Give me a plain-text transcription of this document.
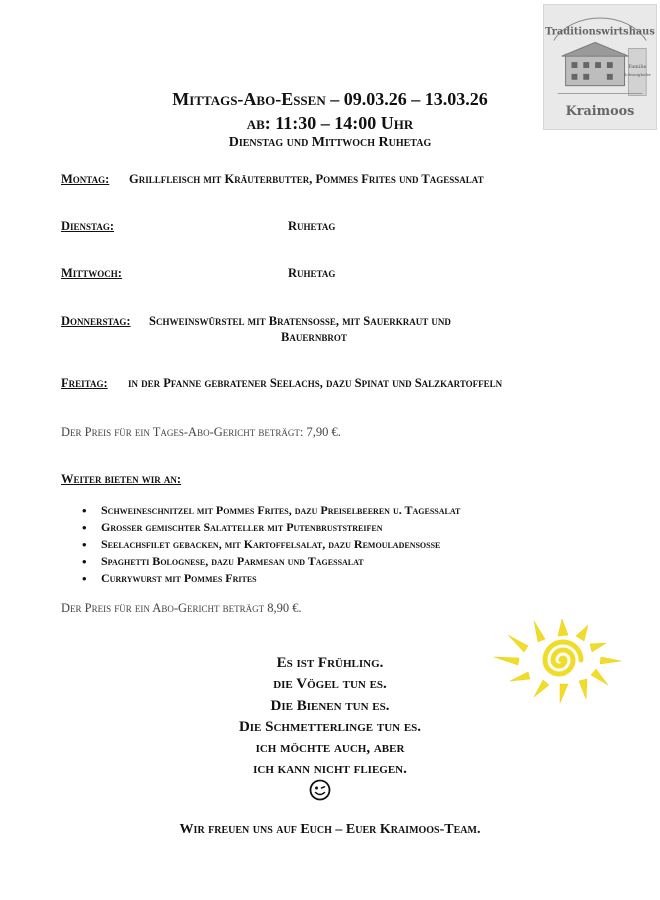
Traditionswirtshaus
Familie
Schweighofer
Kraimoos
Mittags-Abo-Essen – 09.03.26 – 13.03.26
ab: 11:30 – 14:00 Uhr
Dienstag und Mittwoch Ruhetag
Montag: Grillfleisch mit Kräuterbutter, Pommes Frites und Tagessalat
Dienstag:	Ruhetag
Mittwoch:	Ruhetag
Donnerstag: Schweinswürstel mit Bratensoße, mit Sauerkraut und
Bauernbrot
Freitag: in der Pfanne gebratener Seelachs, dazu Spinat und Salzkartoffeln
Der Preis für ein Tages-Abo-Gericht beträgt: 7,90 €.
Weiter bieten wir an:
• Schweineschnitzel mit Pommes Frites, dazu Preiselbeeren u. Tagessalat
• Großer gemischter Salatteller mit Putenbruststreifen
• Seelachsfilet gebacken, mit Kartoffelsalat, dazu Remouladensoße
• Spaghetti Bolognese, dazu Parmesan und Tagessalat
• Currywurst mit Pommes Frites
Der Preis für ein Abo-Gericht beträgt 8,90 €.
Es ist Frühling.
die Vögel tun es.
Die Bienen tun es.
Die Schmetterlinge tun es.
ich möchte auch, aber
ich kann nicht fliegen.
Wir freuen uns auf Euch – Euer Kraimoos-Team.
